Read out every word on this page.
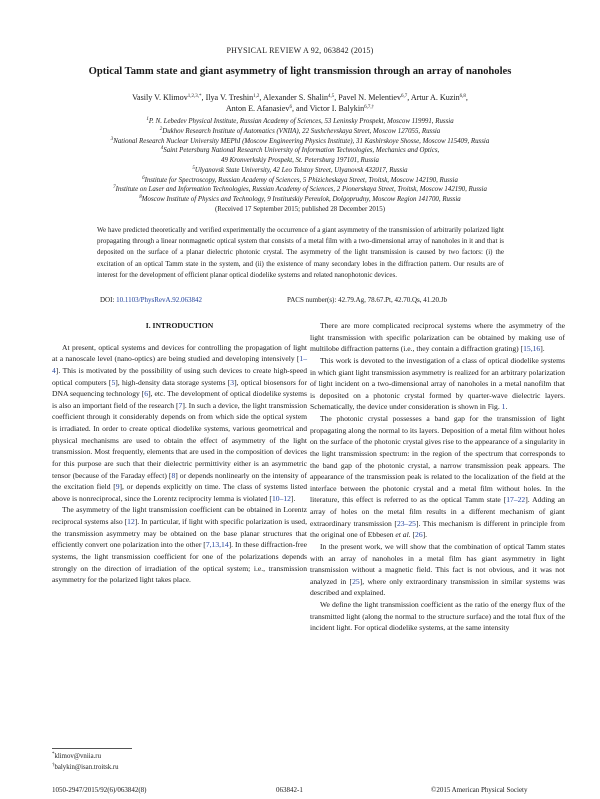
PHYSICAL REVIEW A 92, 063842 (2015)
Optical Tamm state and giant asymmetry of light transmission through an array of nanoholes
Vasily V. Klimov$^{1,2,3,*}$, Ilya V. Treshin$^{1,2}$, Alexander S. Shalin$^{4,5}$, Pavel N. Melentiev$^{6,7}$, Artur A. Kuzin$^{6,8}$,
Anton E. Afanasiev$^6$, and Victor I. Balykin$^{6,7,\dagger}$
$^1$P. N. Lebedev Physical Institute, Russian Academy of Sciences, 53 Leninsky Prospekt, Moscow 119991, Russia
$^2$Dukhov Research Institute of Automatics (VNIIA), 22 Sushchevskaya Street, Moscow 127055, Russia
$^3$National Research Nuclear University MEPhI (Moscow Engineering Physics Institute), 31 Kashirskoye Shosse, Moscow 115409, Russia
$^4$Saint Petersburg National Research University of Information Technologies, Mechanics and Optics,
49 Kronverkskiy Prospekt, St. Petersburg 197101, Russia
$^5$Ulyanovsk State University, 42 Leo Tolstoy Street, Ulyanovsk 432017, Russia
$^6$Institute for Spectroscopy, Russian Academy of Sciences, 5 Phizicheskaya Street, Troitsk, Moscow 142190, Russia
$^7$Institute on Laser and Information Technologies, Russian Academy of Sciences, 2 Pionerskaya Street, Troitsk, Moscow 142190, Russia
$^8$Moscow Institute of Physics and Technology, 9 Institutskiy Pereulok, Dolgoprudny, Moscow Region 141700, Russia
(Received 17 September 2015; published 28 December 2015)
We have predicted theoretically and verified experimentally the occurrence of a giant asymmetry of the transmission of arbitrarily polarized light propagating through a linear nonmagnetic optical system that consists of a metal film with a two-dimensional array of nanoholes in it and that is deposited on the surface of a planar dielectric photonic crystal. The asymmetry of the light transmission is caused by two factors: (i) the excitation of an optical Tamm state in the system, and (ii) the existence of many secondary lobes in the diffraction pattern. Our results are of interest for the development of efficient planar optical diodelike systems and related nanophotonic devices.
DOI: 10.1103/PhysRevA.92.063842	PACS number(s): 42.79.Ag, 78.67.Pt, 42.70.Qs, 41.20.Jb
I. INTRODUCTION

At present, optical systems and devices for controlling the propagation of light at a nanoscale level (nano-optics) are being studied and developing intensively [1–4]. This is motivated by the possibility of using such devices to create high-speed optical computers [5], high-density data storage systems [3], optical biosensors for DNA sequencing technology [6], etc. The development of optical diodelike systems is also an important field of the research [7]. In such a device, the light transmission coefficient through it considerably depends on from which side the optical system is irradiated. In order to create optical diodelike systems, various geometrical and physical mechanisms are used to obtain the effect of asymmetry of the light transmission. Most frequently, elements that are used in the composition of devices for this purpose are such that their dielectric permittivity either is an asymmetric tensor (because of the Faraday effect) [8] or depends nonlinearly on the intensity of the excitation field [9], or depends explicitly on time. The class of systems listed above is nonreciprocal, since the Lorentz reciprocity lemma is violated [10–12].

The asymmetry of the light transmission coefficient can be obtained in Lorentz reciprocal systems also [12]. In particular, if light with specific polarization is used, the transmission asymmetry may be obtained on the base planar structures that efficiently convert one polarization into the other [7,13,14]. In these diffraction-free systems, the light transmission coefficient for one of the polarizations depends strongly on the direction of irradiation of the optical system; i.e., transmission asymmetry for the polarized light takes place.

There are more complicated reciprocal systems where the asymmetry of the light transmission with specific polarization can be obtained by making use of multilobe diffraction patterns (i.e., they contain a diffraction grating) [15,16].

This work is devoted to the investigation of a class of optical diodelike systems in which giant light transmission asymmetry is realized for an arbitrary polarization of light incident on a two-dimensional array of nanoholes in a metal nanofilm that is deposited on a photonic crystal formed by quarter-wave dielectric layers. Schematically, the device under consideration is shown in Fig. 1.

The photonic crystal possesses a band gap for the transmission of light propagating along the normal to its layers. Deposition of a metal film without holes on the surface of the photonic crystal gives rise to the appearance of a singularity in the light transmission spectrum: in the region of the spectrum that corresponds to the band gap of the photonic crystal, a narrow transmission peak appears. The appearance of the transmission peak is related to the localization of the field at the interface between the photonic crystal and a metal film without holes. In the literature, this effect is referred to as the optical Tamm state [17–22]. Adding an array of holes on the metal film results in a different mechanism of giant extraordinary transmission [23–25]. This mechanism is different in principle from the original one of Ebbesen et al. [26].

In the present work, we will show that the combination of optical Tamm states with an array of nanoholes in a metal film has giant asymmetry in light transmission without a magnetic field. This fact is not obvious, and it was not analyzed in [25], where only extraordinary transmission in similar systems was described and explained.

We define the light transmission coefficient as the ratio of the energy flux of the transmitted light (along the normal to the structure surface) and the total flux of the incident light. For optical diodelike systems, at the same intensity

*klimov@vniia.ru
†balykin@isan.troitsk.ru
1050-2947/2015/92(6)/063842(8)	063842-1	©2015 American Physical Society
